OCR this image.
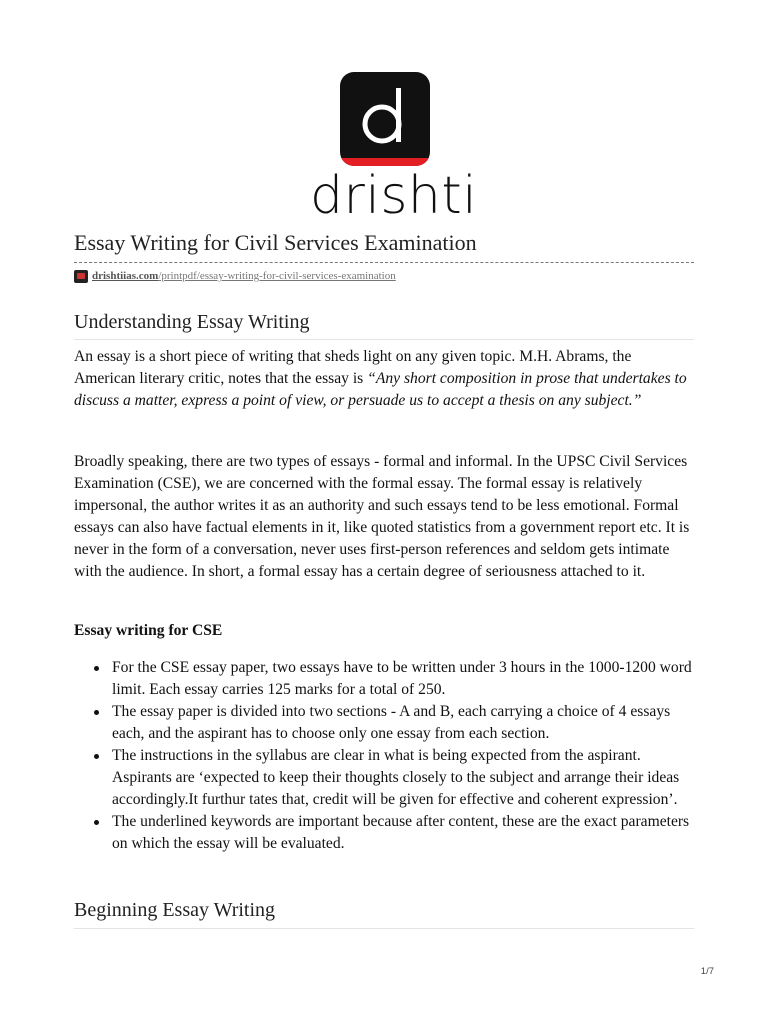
drishti
Essay Writing for Civil Services Examination
drishtiias.com /printpdf/essay-writing-for-civil-services-examination
Understanding Essay Writing

An essay is a short piece of writing that sheds light on any given topic. M.H. Abrams, the American literary critic, notes that the essay is “Any short composition in prose that undertakes to discuss a matter, express a point of view, or persuade us to accept a thesis on any subject.”

Broadly speaking, there are two types of essays - formal and informal. In the UPSC Civil Services Examination (CSE), we are concerned with the formal essay. The formal essay is relatively impersonal, the author writes it as an authority and such essays tend to be less emotional. Formal essays can also have factual elements in it, like quoted statistics from a government report etc. It is never in the form of a conversation, never uses first-person references and seldom gets intimate with the audience. In short, a formal essay has a certain degree of seriousness attached to it.

Essay writing for CSE

For the CSE essay paper, two essays have to be written under 3 hours in the 1000-1200 word limit. Each essay carries 125 marks for a total of 250.
The essay paper is divided into two sections - A and B, each carrying a choice of 4 essays each, and the aspirant has to choose only one essay from each section.
The instructions in the syllabus are clear in what is being expected from the aspirant. Aspirants are ‘expected to keep their thoughts closely to the subject and arrange their ideas accordingly.It furthur tates that, credit will be given for effective and coherent expression’.
The underlined keywords are important because after content, these are the exact parameters on which the essay will be evaluated.
Beginning Essay Writing
1/7
